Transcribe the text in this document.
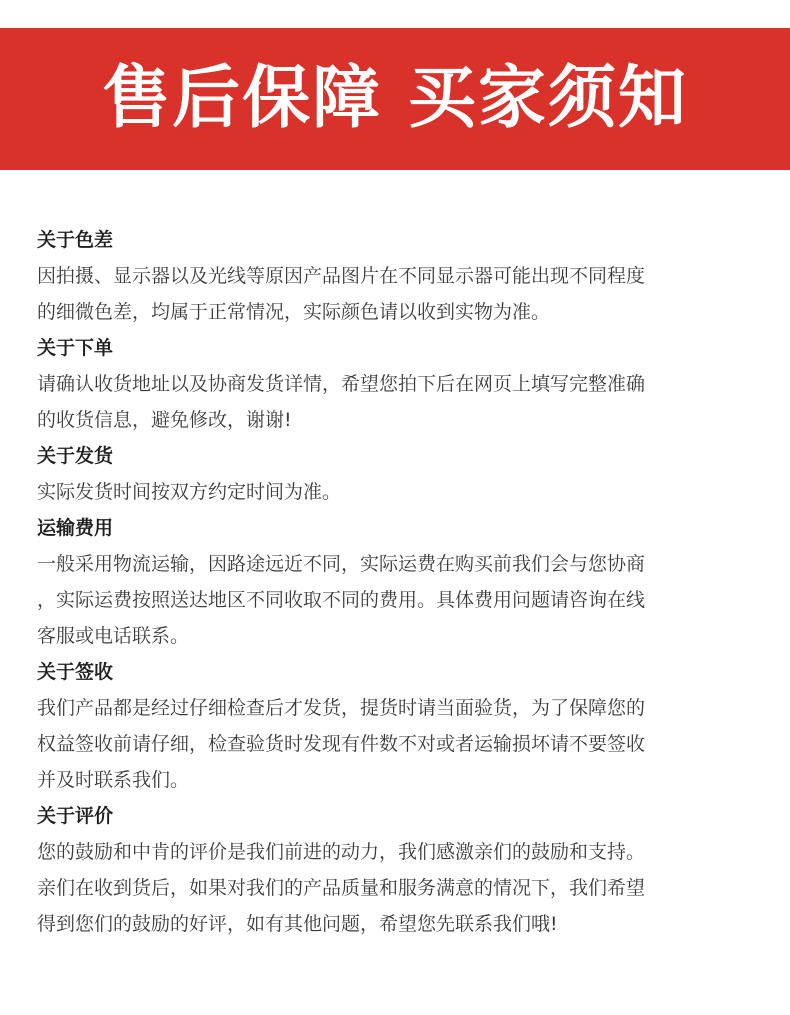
售后保障 买家须知
关于色差
因拍摄、显示器以及光线等原因产品图片在不同显示器可能出现不同程度
的细微色差，均属于正常情况，实际颜色请以收到实物为准。
关于下单
请确认收货地址以及协商发货详情，希望您拍下后在网页上填写完整准确
的收货信息，避免修改，谢谢!
关于发货
实际发货时间按双方约定时间为准。
运输费用
一般采用物流运输，因路途远近不同，实际运费在购买前我们会与您协商
，实际运费按照送达地区不同收取不同的费用。具体费用问题请咨询在线
客服或电话联系。
关于签收
我们产品都是经过仔细检查后才发货，提货时请当面验货，为了保障您的
权益签收前请仔细，检查验货时发现有件数不对或者运输损坏请不要签收
并及时联系我们。
关于评价
您的鼓励和中肯的评价是我们前进的动力，我们感激亲们的鼓励和支持。
亲们在收到货后，如果对我们的产品质量和服务满意的情况下，我们希望
得到您们的鼓励的好评，如有其他问题，希望您先联系我们哦!
